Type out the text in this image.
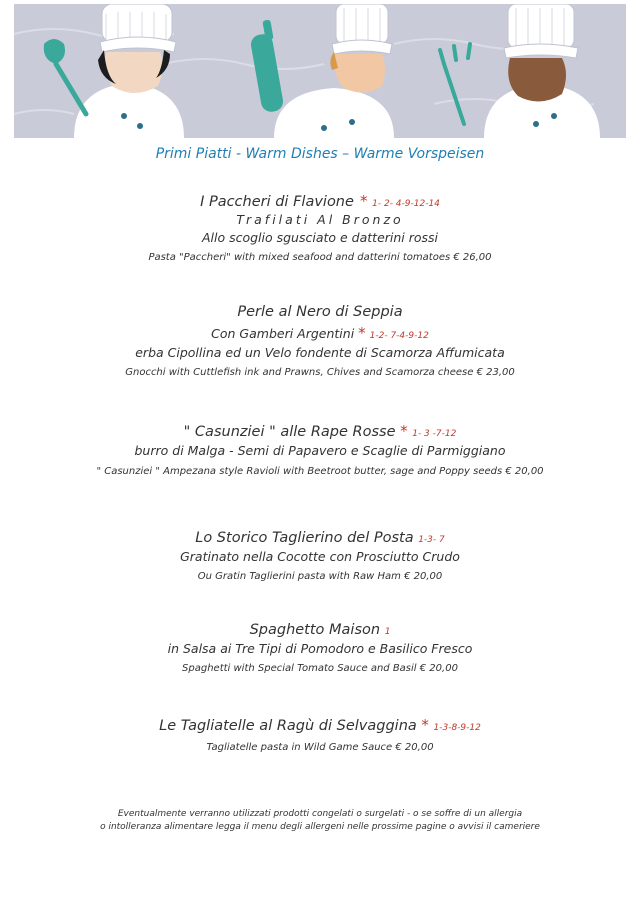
Primi Piatti - Warm Dishes – Warme Vorspeisen
I Paccheri di Flavione  * 1- 2- 4-9-12-14
Trafilati Al Bronzo
Allo scoglio sgusciato e datterini rossi
Pasta "Paccheri" with mixed seafood and datterini tomatoes € 26,00
Perle al Nero di Seppia
Con Gamberi Argentini * 1-2- 7-4-9-12
erba Cipollina ed un Velo fondente di Scamorza Affumicata
Gnocchi with Cuttlefish ink and Prawns, Chives and Scamorza cheese € 23,00
" Casunziei " alle Rape Rosse * 1- 3 -7-12
burro di Malga - Semi di Papavero e Scaglie di Parmiggiano
" Casunziei " Ampezana style Ravioli with Beetroot butter, sage and Poppy seeds € 20,00
Lo Storico Taglierino del Posta 1-3- 7
Gratinato nella Cocotte con Prosciutto Crudo
Ou Gratin Taglierini pasta with Raw Ham € 20,00
Spaghetto Maison 1
in Salsa ai Tre Tipi di Pomodoro e Basilico Fresco
Spaghetti with Special Tomato Sauce and Basil € 20,00
Le Tagliatelle al Ragù di Selvaggina * 1-3-8-9-12
Tagliatelle pasta in Wild Game Sauce € 20,00
Eventualmente verranno utilizzati prodotti congelati o surgelati - o se soffre di un allergia
o intolleranza alimentare legga il menu degli allergeni nelle prossime pagine o avvisi il cameriere
